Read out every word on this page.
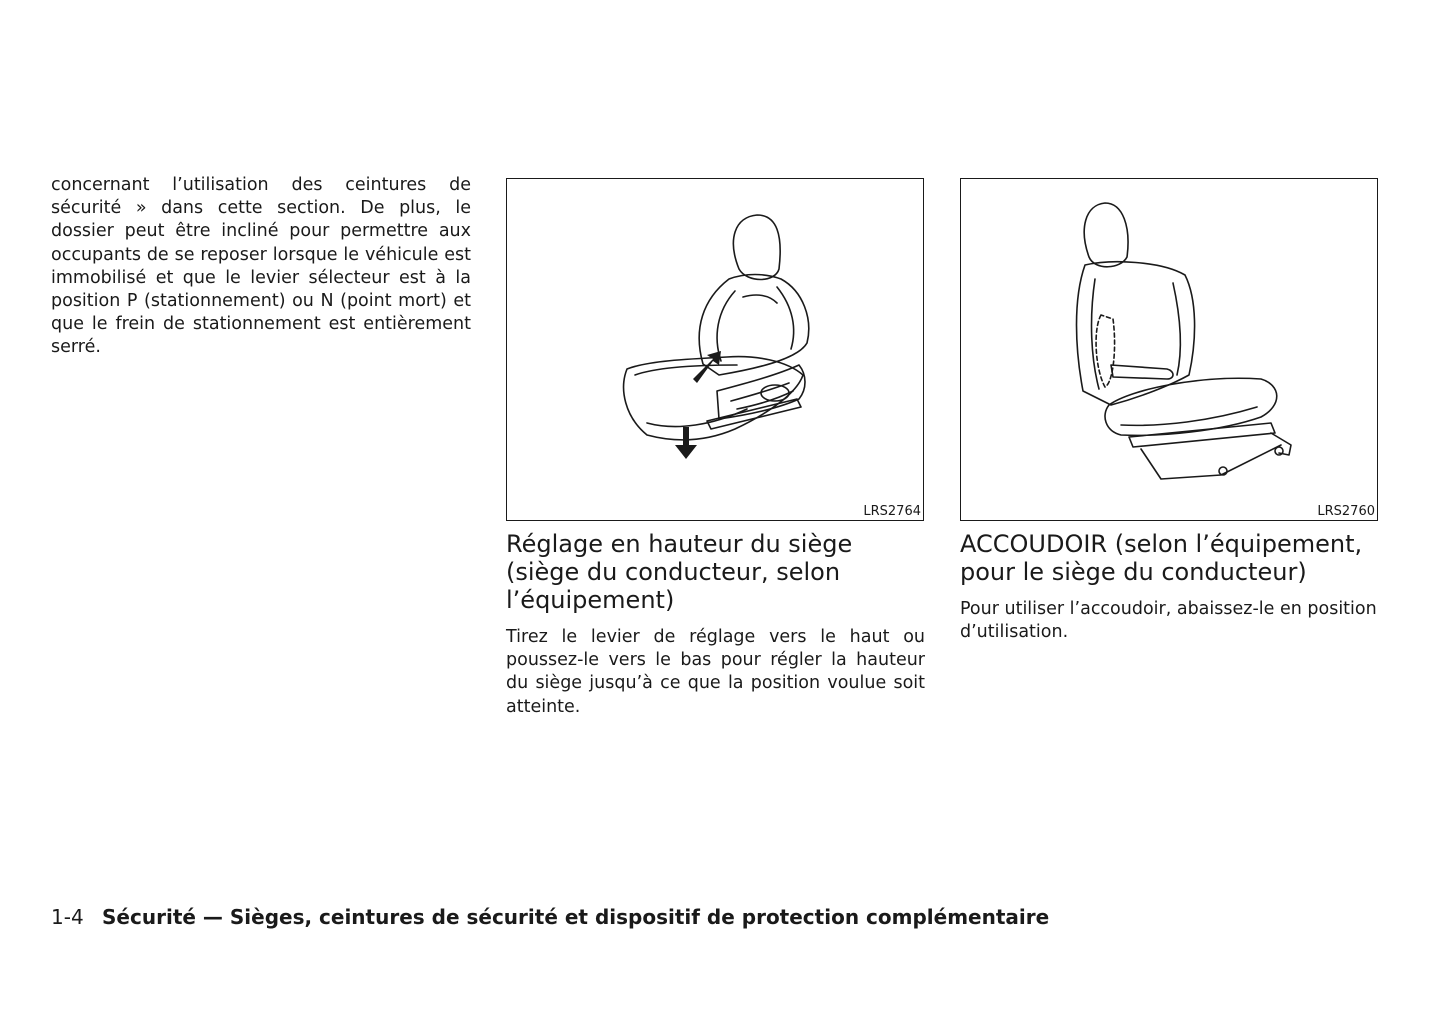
concernant l’utilisation des ceintures de sécurité » dans cette section. De plus, le dossier peut être incliné pour permettre aux occupants de se reposer lorsque le véhicule est immobilisé et que le levier sélecteur est à la position P (stationnement) ou N (point mort) et que le frein de stationnement est entièrement serré.

LRS2764	LRS2760
Réglage en hauteur du siège (siège du conducteur, selon l’équipement)

Tirez le levier de réglage vers le haut ou poussez-le vers le bas pour régler la hauteur du siège jusqu’à ce que la position voulue soit atteinte.

ACCOUDOIR (selon l’équipement, pour le siège du conducteur)

Pour utiliser l’accoudoir, abaissez-le en position d’utilisation.

1-4 Sécurité — Sièges, ceintures de sécurité et dispositif de protection complémentaire
